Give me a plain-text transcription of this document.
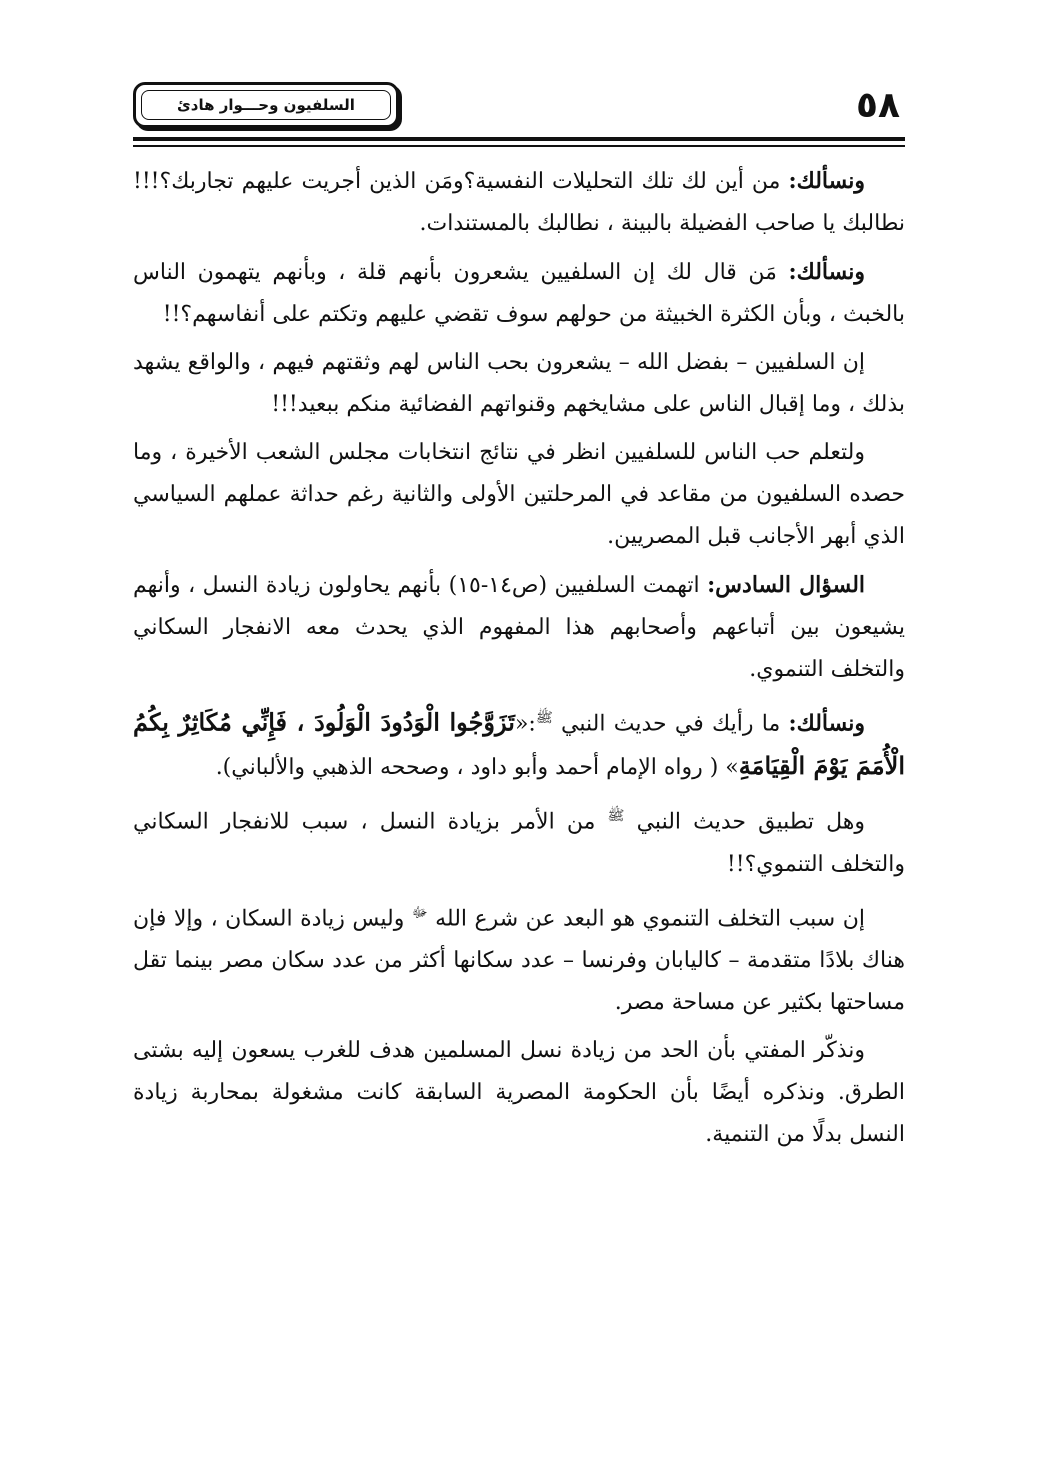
٥٨
السلفيون وحـــوار هادئ

ونسألك: من أين لك تلك التحليلات النفسية؟ومَن الذين أجريت عليهم تجاربك؟!!! نطالبك يا صاحب الفضيلة بالبينة ، نطالبك بالمستندات.

ونسألك: مَن قال لك إن السلفيين يشعرون بأنهم قلة ، وبأنهم يتهمون الناس بالخبث ، وبأن الكثرة الخبيثة من حولهم سوف تقضي عليهم وتكتم على أنفاسهم؟!!

إن السلفيين – بفضل الله – يشعرون بحب الناس لهم وثقتهم فيهم ، والواقع يشهد بذلك ، وما إقبال الناس على مشايخهم وقنواتهم الفضائية منكم ببعيد!!!

ولتعلم حب الناس للسلفيين انظر في نتائج انتخابات مجلس الشعب الأخيرة ، وما حصده السلفيون من مقاعد في المرحلتين الأولى والثانية رغم حداثة عملهم السياسي الذي أبهر الأجانب قبل المصريين.

السؤال السادس: اتهمت السلفيين (ص١٤-١٥) بأنهم يحاولون زيادة النسل ، وأنهم يشيعون بين أتباعهم وأصحابهم هذا المفهوم الذي يحدث معه الانفجار السكاني والتخلف التنموي.

ونسألك: ما رأيك في حديث النبي $^ﷺ$:«تَزَوَّجُوا الْوَدُودَ الْوَلُودَ ، فَإِنِّي مُكَاثِرٌ بِكُمُ الْأُمَمَ يَوْمَ الْقِيَامَةِ» ( رواه الإمام أحمد وأبو داود ، وصححه الذهبي والألباني).

وهل تطبيق حديث النبي $^ﷺ$ من الأمر بزيادة النسل ، سبب للانفجار السكاني والتخلف التنموي؟!!

إن سبب التخلف التنموي هو البعد عن شرع الله $^ﷻ$ وليس زيادة السكان ، وإلا فإن هناك بلادًا متقدمة – كاليابان وفرنسا – عدد سكانها أكثر من عدد سكان مصر بينما تقل مساحتها بكثير عن مساحة مصر.

ونذكّر المفتي بأن الحد من زيادة نسل المسلمين هدف للغرب يسعون إليه بشتى الطرق. ونذكره أيضًا بأن الحكومة المصرية السابقة كانت مشغولة بمحاربة زيادة النسل بدلًا من التنمية.
